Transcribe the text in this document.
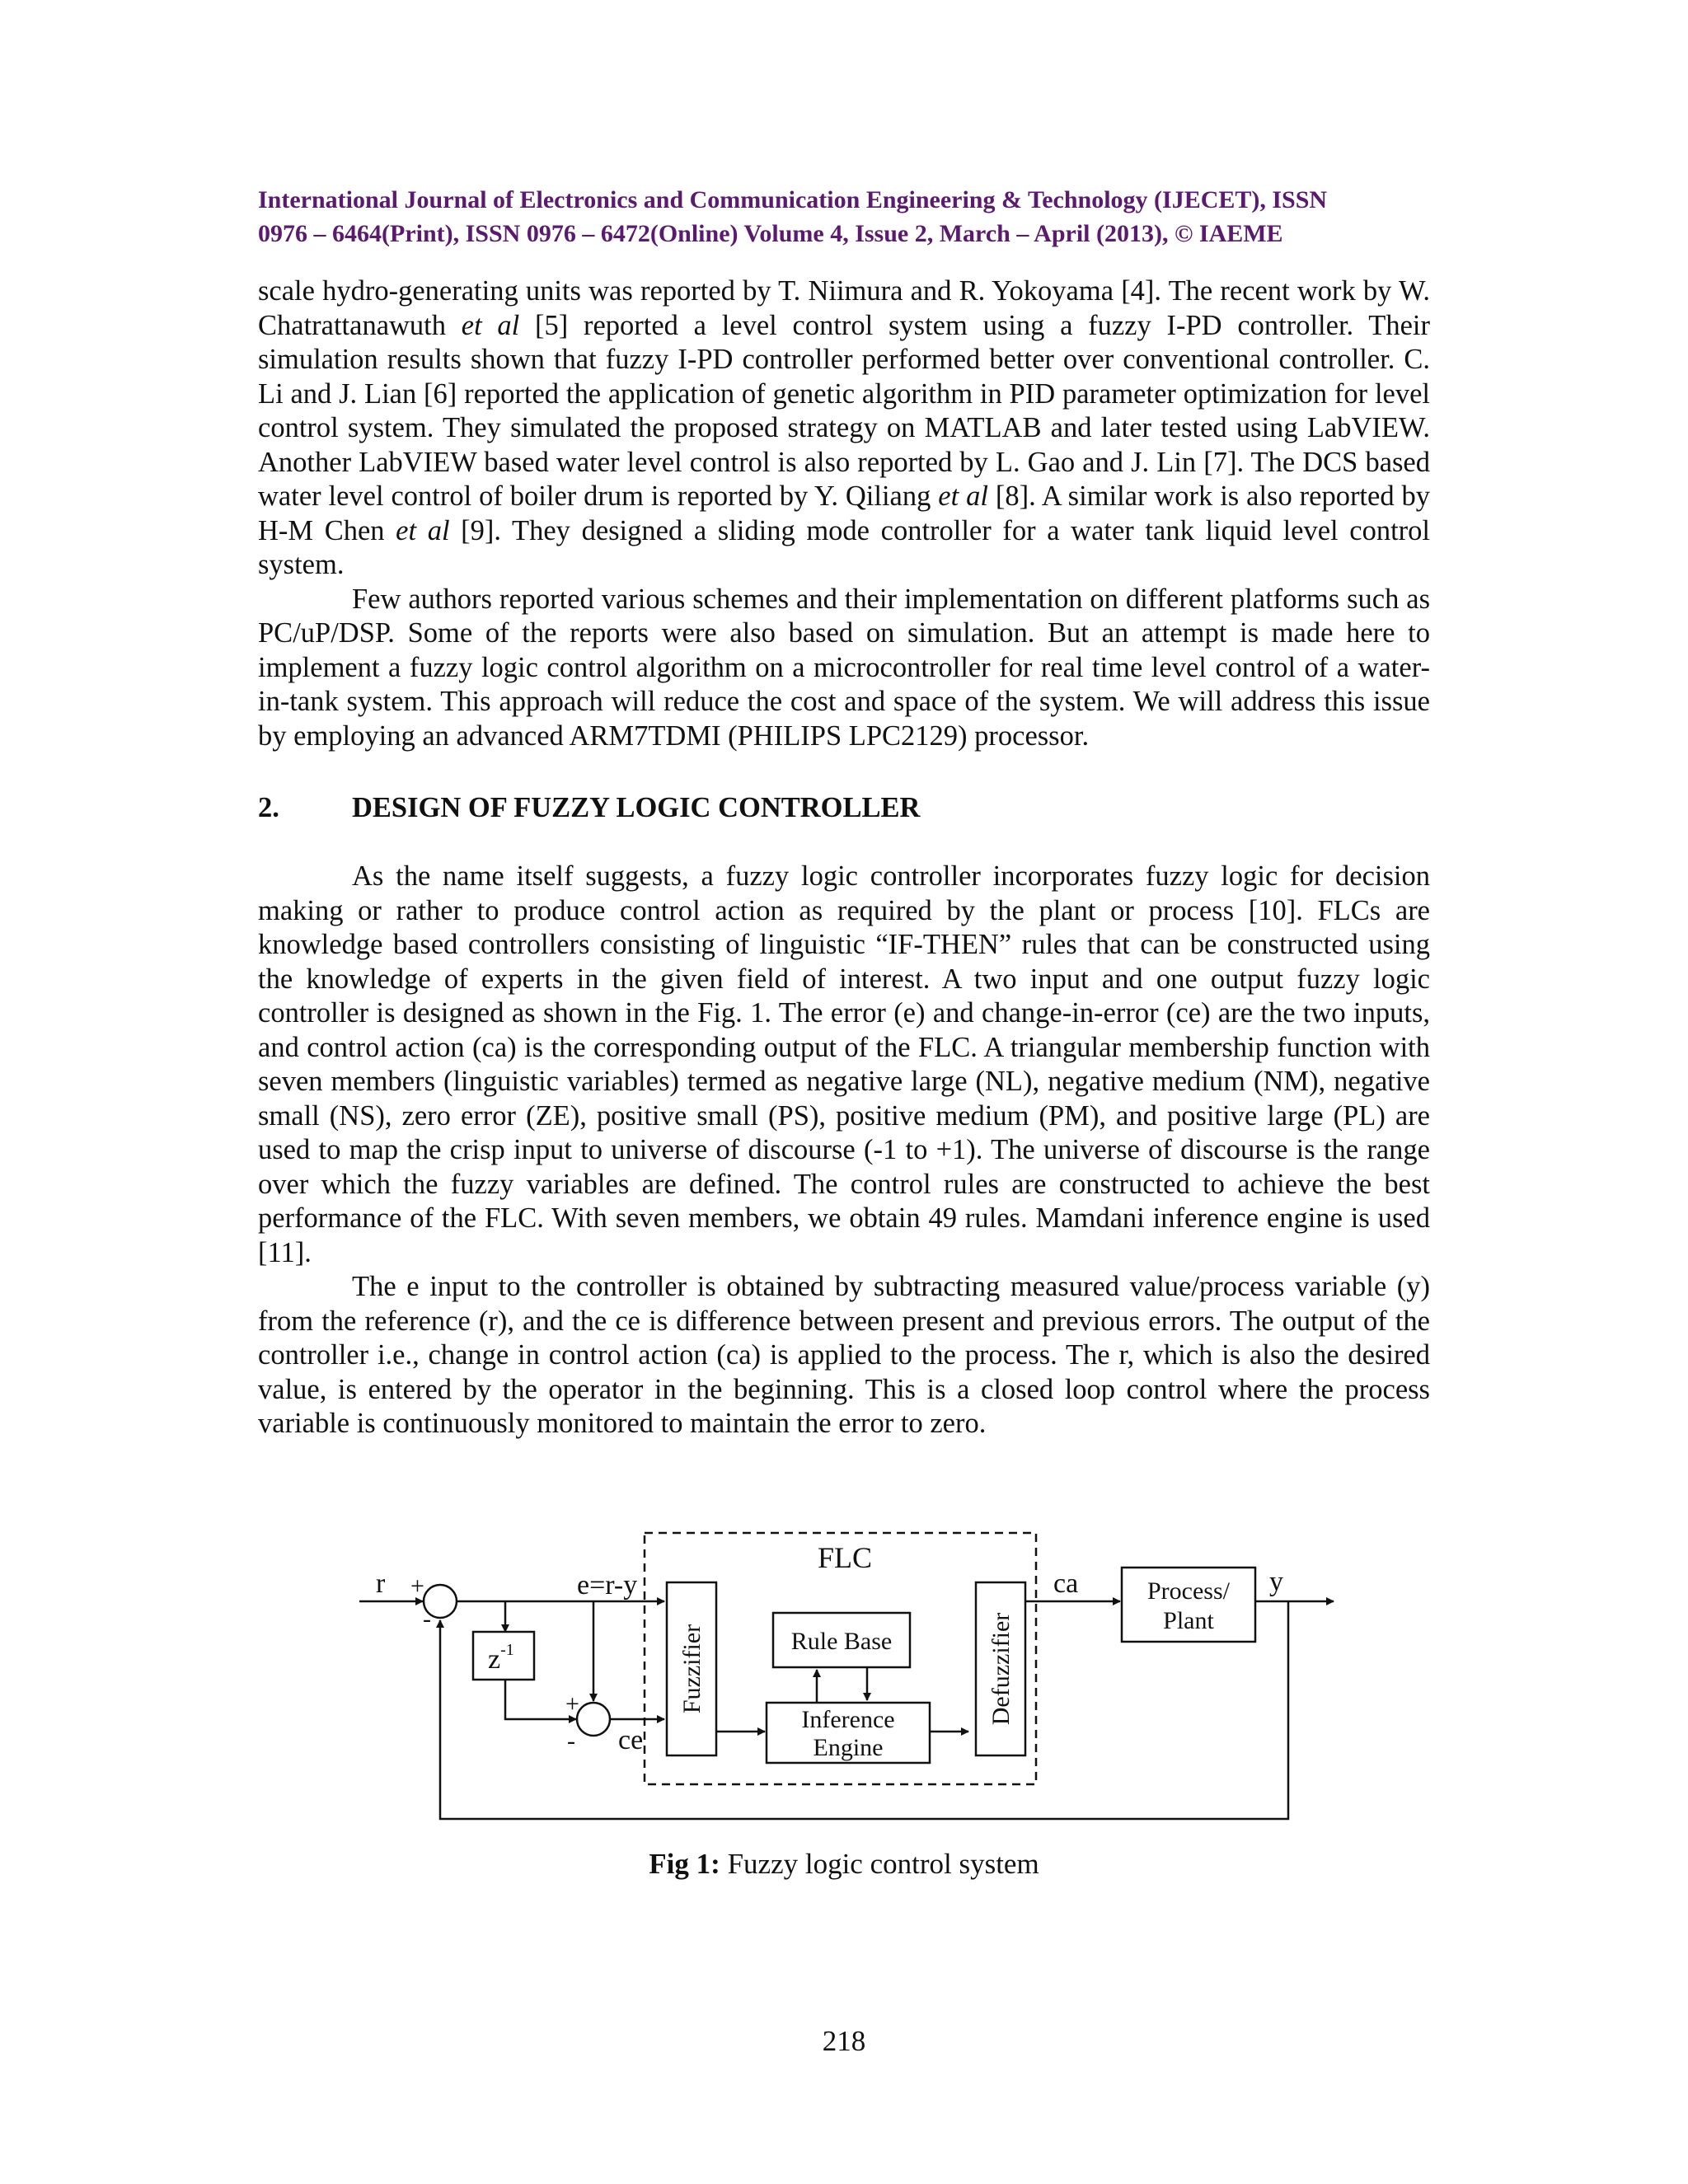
International Journal of Electronics and Communication Engineering & Technology (IJECET), ISSN
0976 – 6464(Print), ISSN 0976 – 6472(Online) Volume 4, Issue 2, March – April (2013), © IAEME

scale hydro-generating units was reported by T. Niimura and R. Yokoyama [4]. The recent work by W. Chatrattanawuth et al [5] reported a level control system using a fuzzy I-PD controller. Their simulation results shown that fuzzy I-PD controller performed better over conventional controller. C. Li and J. Lian [6] reported the application of genetic algorithm in PID parameter optimization for level control system. They simulated the proposed strategy on MATLAB and later tested using LabVIEW. Another LabVIEW based water level control is also reported by L. Gao and J. Lin [7]. The DCS based water level control of boiler drum is reported by Y. Qiliang et al [8]. A similar work is also reported by H-M Chen et al [9]. They designed a sliding mode controller for a water tank liquid level control system.

Few authors reported various schemes and their implementation on different platforms such as PC/uP/DSP. Some of the reports were also based on simulation. But an attempt is made here to implement a fuzzy logic control algorithm on a microcontroller for real time level control of a water-in-tank system. This approach will reduce the cost and space of the system. We will address this issue by employing an advanced ARM7TDMI (PHILIPS LPC2129) processor.

2.	DESIGN OF FUZZY LOGIC CONTROLLER

As the name itself suggests, a fuzzy logic controller incorporates fuzzy logic for decision making or rather to produce control action as required by the plant or process [10]. FLCs are knowledge based controllers consisting of linguistic “IF-THEN” rules that can be constructed using the knowledge of experts in the given field of interest. A two input and one output fuzzy logic controller is designed as shown in the Fig. 1. The error (e) and change-in-error (ce) are the two inputs, and control action (ca) is the corresponding output of the FLC. A triangular membership function with seven members (linguistic variables) termed as negative large (NL), negative medium (NM), negative small (NS), zero error (ZE), positive small (PS), positive medium (PM), and positive large (PL) are used to map the crisp input to universe of discourse (-1 to +1). The universe of discourse is the range over which the fuzzy variables are defined. The control rules are constructed to achieve the best performance of the FLC. With seven members, we obtain 49 rules. Mamdani inference engine is used [11].

The e input to the controller is obtained by subtracting measured value/process variable (y) from the reference (r), and the ce is difference between present and previous errors. The output of the controller i.e., change in control action (ca) is applied to the process. The r, which is also the desired value, is entered by the operator in the beginning. This is a closed loop control where the process variable is continuously monitored to maintain the error to zero.

r +
-
e=r-y
FLC
$z^{-1}$
+
- ce
Fuzzifier	Rule Base
Inference
Engine
Defuzzifier
ca	Process/
Plant
y
Fig 1: Fuzzy logic control system
218
